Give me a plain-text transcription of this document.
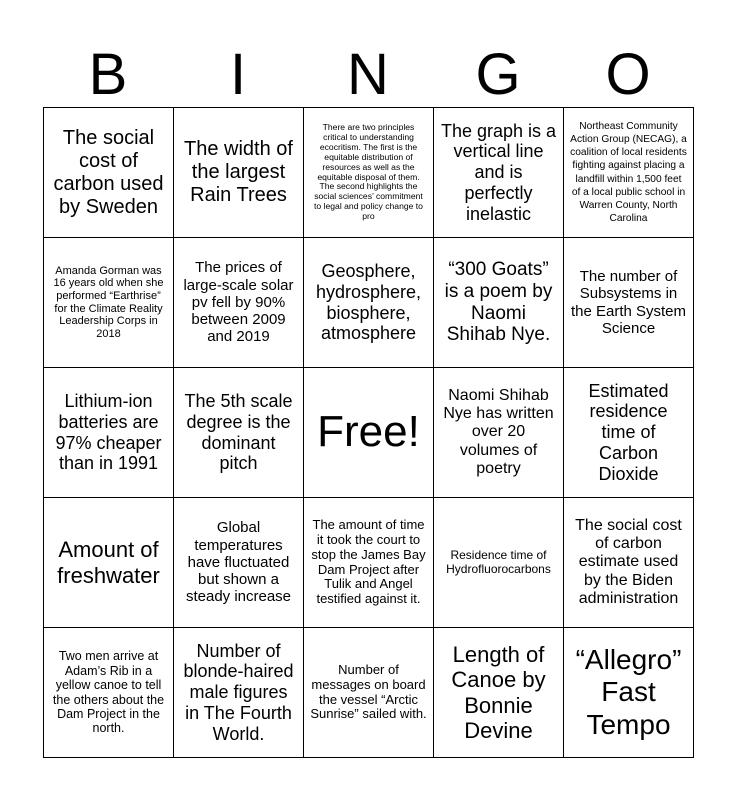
B	I	N	G	O
The social cost of carbon used by Sweden	The width of the largest Rain Trees	There are two principles critical to understanding ecocritism. The first is the equitable distribution of resources as well as the equitable disposal of them. The second highlights the social sciences’ commitment to legal and policy change to pro	The graph is a vertical line and is perfectly inelastic	Northeast Community Action Group (NECAG), a coalition of local residents fighting against placing a landfill within 1,500 feet of a local public school in Warren County, North Carolina
Amanda Gorman was 16 years old when she performed “Earthrise” for the Climate Reality Leadership Corps in 2018	The prices of large-scale solar pv fell by 90% between 2009 and 2019	Geosphere, hydrosphere, biosphere, atmosphere	“300 Goats” is a poem by Naomi Shihab Nye.	The number of Subsystems in the Earth System Science
Lithium-ion batteries are 97% cheaper than in 1991	The 5th scale degree is the dominant pitch	Free!	Naomi Shihab Nye has written over 20 volumes of poetry	Estimated residence time of Carbon Dioxide
Amount of freshwater	Global temperatures have fluctuated but shown a steady increase	The amount of time it took the court to stop the James Bay Dam Project after Tulik and Angel testified against it.	Residence time of Hydrofluorocarbons	The social cost of carbon estimate used by the Biden administration
Two men arrive at Adam’s Rib in a yellow canoe to tell the others about the Dam Project in the north.	Number of blonde-haired male figures in The Fourth World.	Number of messages on board the vessel “Arctic Sunrise” sailed with.	Length of Canoe by Bonnie Devine	“Allegro” Fast Tempo
